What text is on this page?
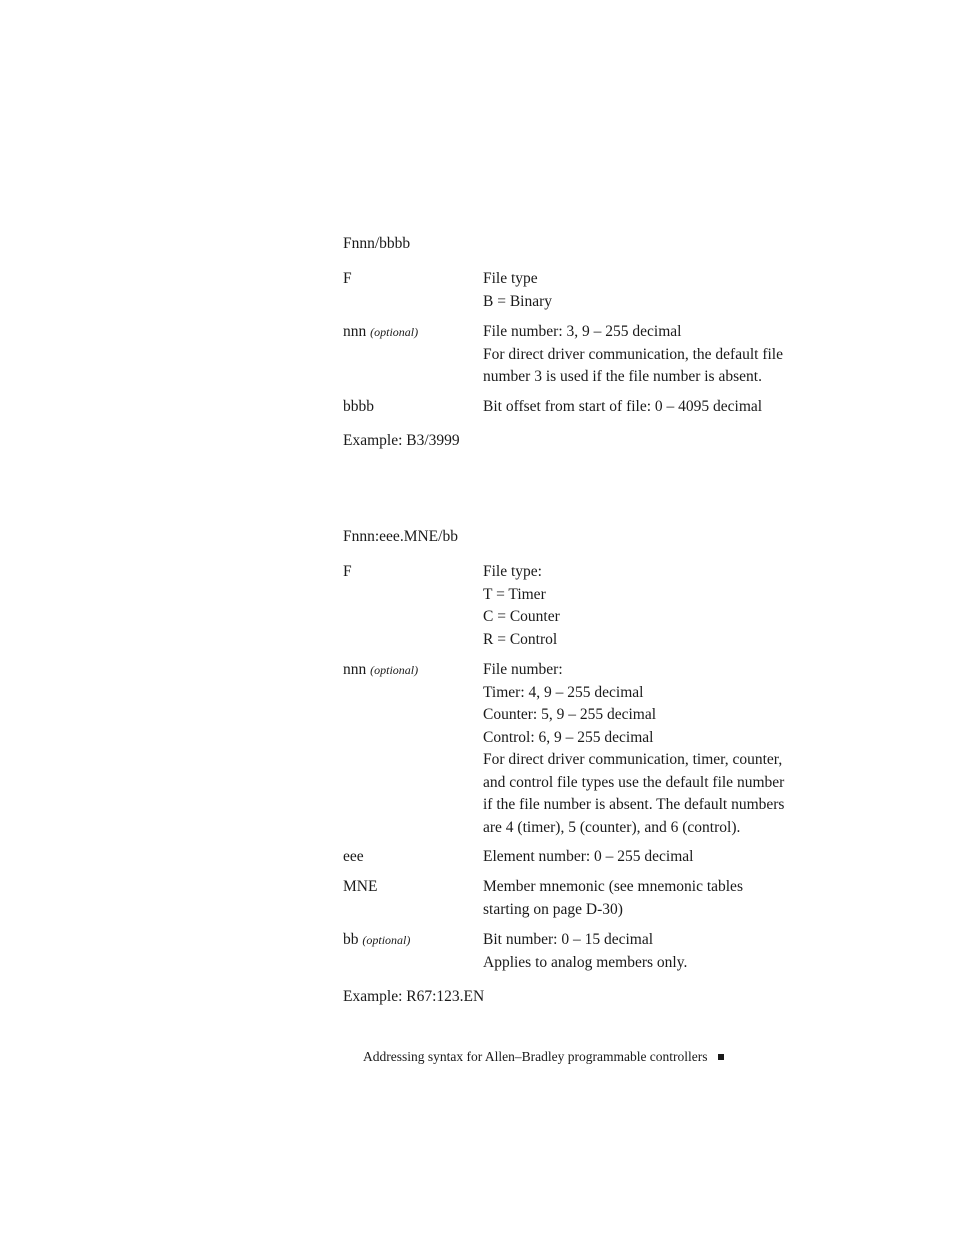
Fnnn/bbbb
F	File type
B = Binary
nnn (optional)	File number: 3, 9 – 255 decimal
For direct driver communication, the default file
number 3 is used if the file number is absent.
bbbb	Bit offset from start of file: 0 – 4095 decimal
Example: B3/3999
Fnnn:eee.MNE/bb
F	File type:
T = Timer
C = Counter
R = Control
nnn (optional)	File number:
Timer: 4, 9 – 255 decimal
Counter: 5, 9 – 255 decimal
Control: 6, 9 – 255 decimal
For direct driver communication, timer, counter,
and control file types use the default file number
if the file number is absent. The default numbers
are 4 (timer), 5 (counter), and 6 (control).
eee	Element number: 0 – 255 decimal
MNE	Member mnemonic (see mnemonic tables
starting on page D-30)
bb (optional)	Bit number: 0 – 15 decimal
Applies to analog members only.
Example: R67:123.EN
Addressing syntax for Allen–Bradley programmable controllers
